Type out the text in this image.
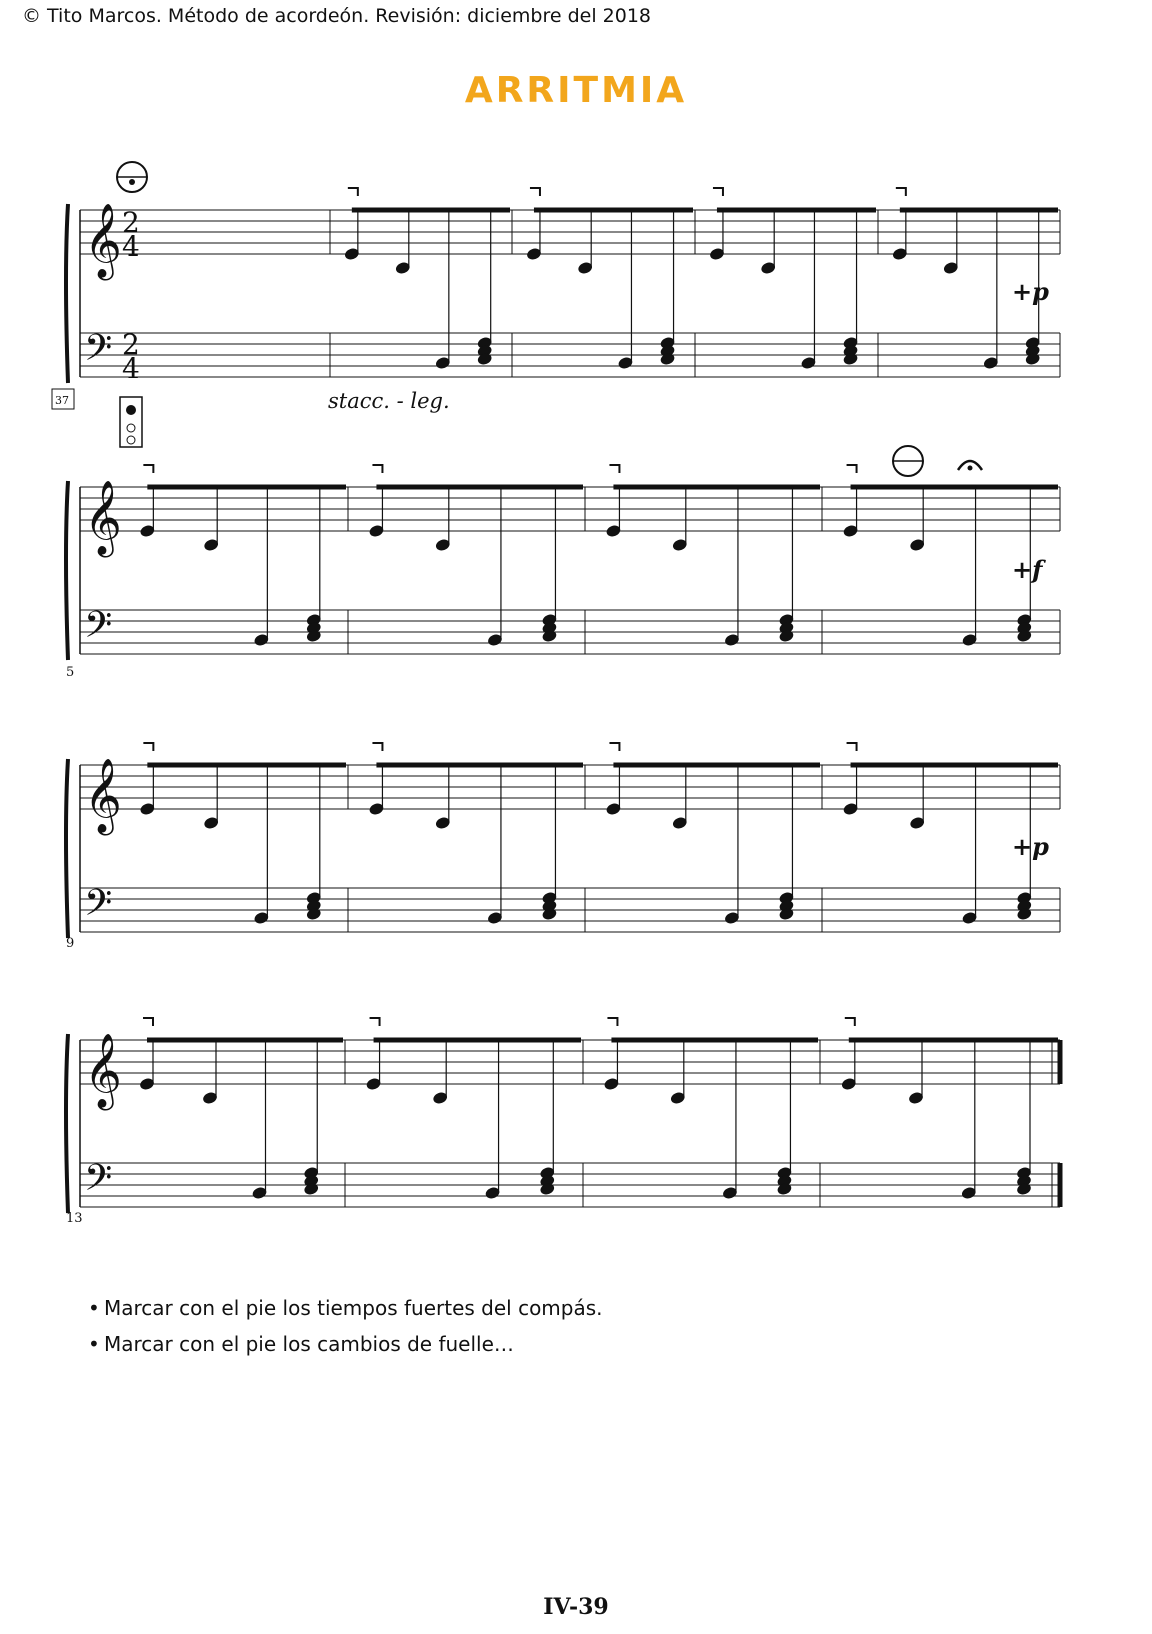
© Tito Marcos. Método de acordeón. Revisión: diciembre del 2018
ARRITMIA
𝄞
𝄢
𝄞
𝄢
𝄞
𝄢
𝄞
𝄢
2
4
2
4
37	stacc. - leg.
5
9
13
+p
+f
+p
• Marcar con el pie los tiempos fuertes del compás.
• Marcar con el pie los cambios de fuelle…
IV-39
